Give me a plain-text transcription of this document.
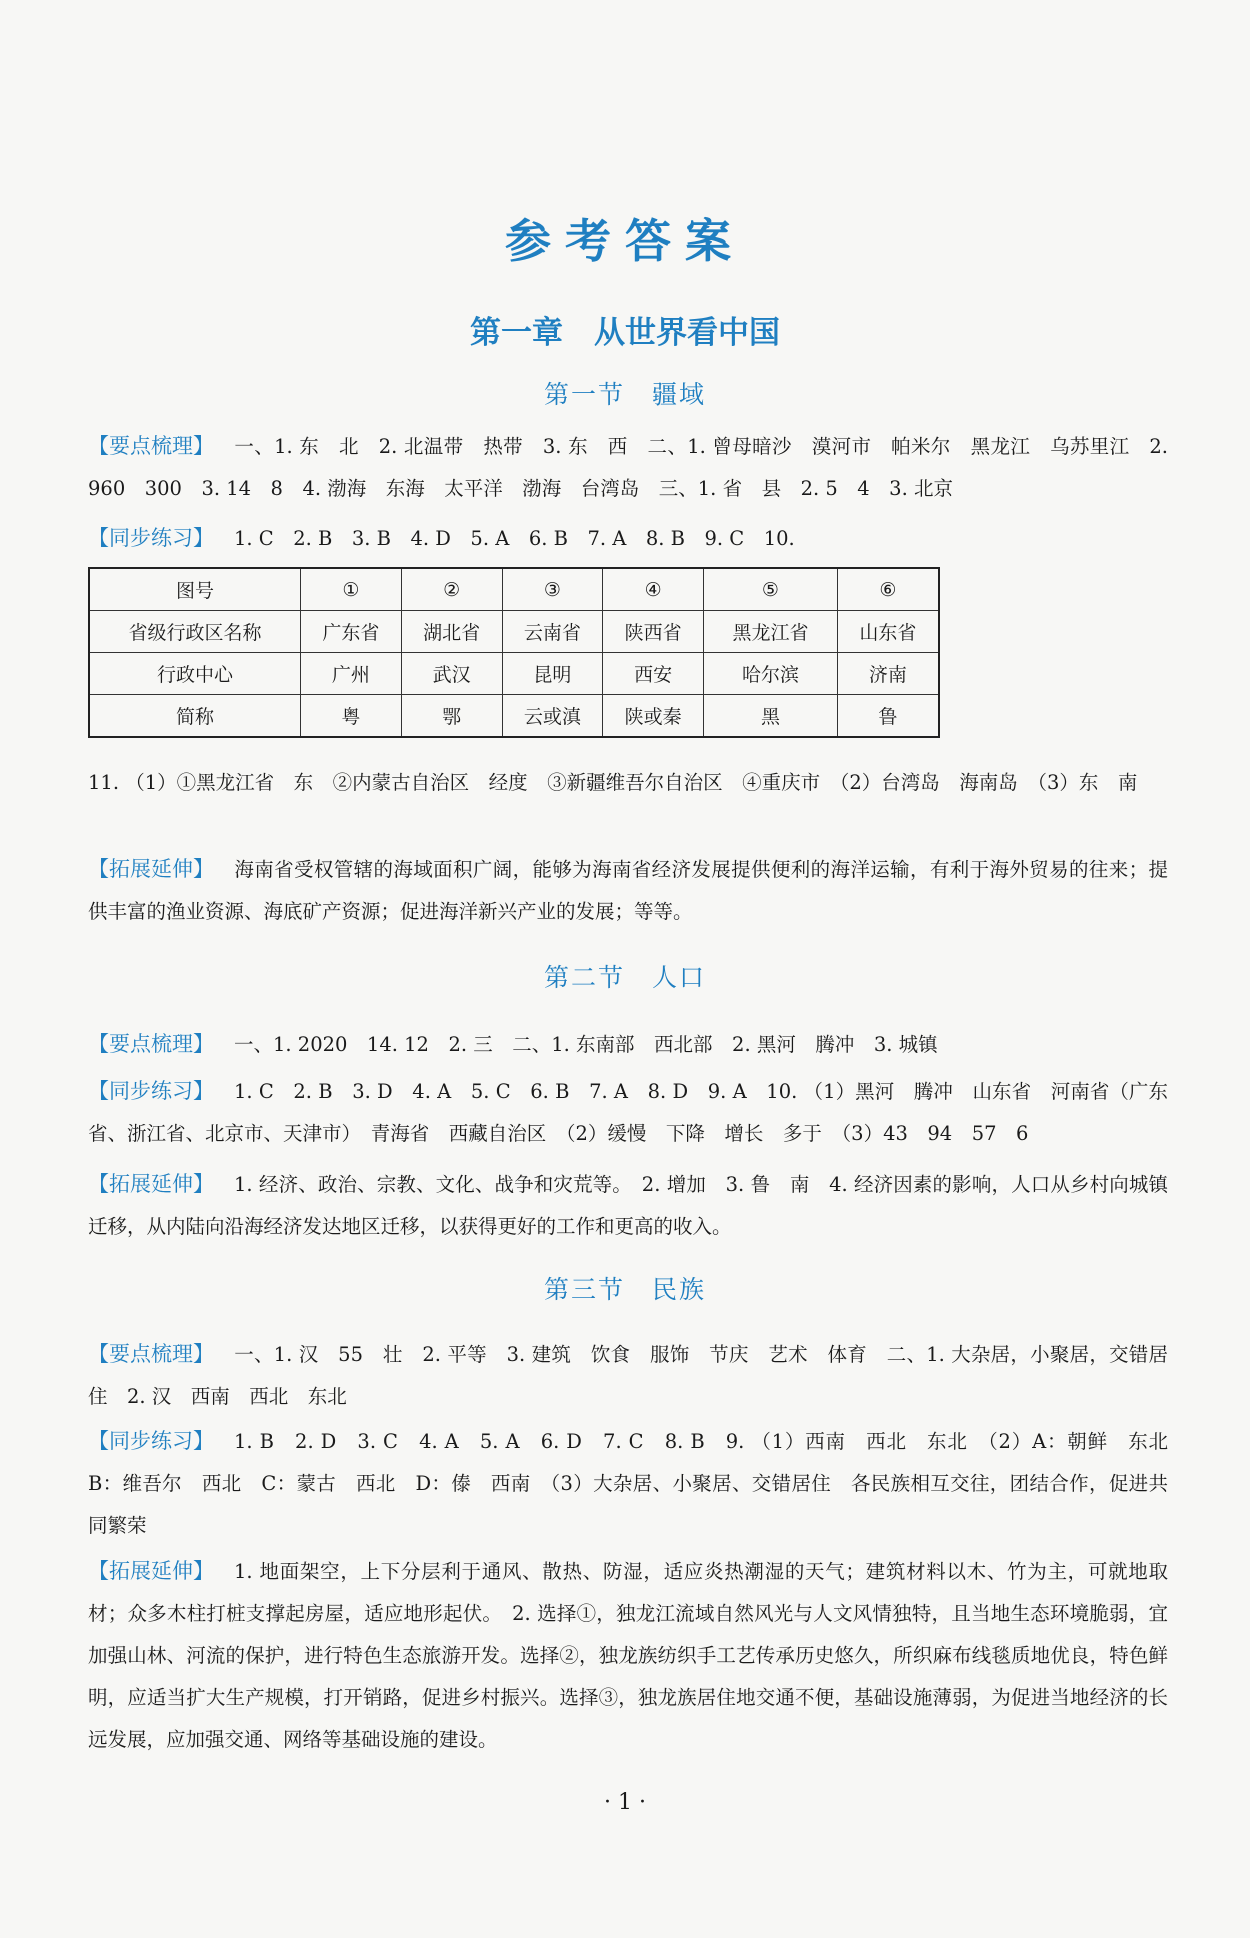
参考答案
第一章　从世界看中国
第一节　疆域
【要点梳理】 一、1. 东　北　2. 北温带　热带　3. 东　西　二、1. 曾母暗沙　漠河市　帕米尔　黑龙江　乌苏里江　2. 960　300　3. 14　8　4. 渤海　东海　太平洋　渤海　台湾岛　三、1. 省　县　2. 5　4　3. 北京
【同步练习】 1. C　2. B　3. B　4. D　5. A　6. B　7. A　8. B　9. C　10.
图号	①	②	③	④	⑤	⑥
省级行政区名称	广东省	湖北省	云南省	陕西省	黑龙江省	山东省
行政中心	广州	武汉	昆明	西安	哈尔滨	济南
简称	粤	鄂	云或滇	陕或秦	黑	鲁
11. （1）①黑龙江省　东　②内蒙古自治区　经度　③新疆维吾尔自治区　④重庆市　（2）台湾岛　海南岛　（3）东　南
【拓展延伸】 海南省受权管辖的海域面积广阔，能够为海南省经济发展提供便利的海洋运输，有利于海外贸易的往来；提供丰富的渔业资源、海底矿产资源；促进海洋新兴产业的发展；等等。
第二节　人口
【要点梳理】 一、1. 2020　14. 12　2. 三　二、1. 东南部　西北部　2. 黑河　腾冲　3. 城镇
【同步练习】 1. C　2. B　3. D　4. A　5. C　6. B　7. A　8. D　9. A　10. （1）黑河　腾冲　山东省　河南省（广东省、浙江省、北京市、天津市）　青海省　西藏自治区　（2）缓慢　下降　增长　多于　（3）43　94　57　6
【拓展延伸】 1. 经济、政治、宗教、文化、战争和灾荒等。　2. 增加　3. 鲁　南　4. 经济因素的影响，人口从乡村向城镇迁移，从内陆向沿海经济发达地区迁移，以获得更好的工作和更高的收入。
第三节　民族
【要点梳理】 一、1. 汉　55　壮　2. 平等　3. 建筑　饮食　服饰　节庆　艺术　体育　二、1. 大杂居，小聚居，交错居住　2. 汉　西南　西北　东北
【同步练习】 1. B　2. D　3. C　4. A　5. A　6. D　7. C　8. B　9. （1）西南　西北　东北　（2）A：朝鲜　东北　B：维吾尔　西北　C：蒙古　西北　D：傣　西南　（3）大杂居、小聚居、交错居住　各民族相互交往，团结合作，促进共同繁荣
【拓展延伸】 1. 地面架空，上下分层利于通风、散热、防湿，适应炎热潮湿的天气；建筑材料以木、竹为主，可就地取材；众多木柱打桩支撑起房屋，适应地形起伏。　2. 选择①，独龙江流域自然风光与人文风情独特，且当地生态环境脆弱，宜加强山林、河流的保护，进行特色生态旅游开发。选择②，独龙族纺织手工艺传承历史悠久，所织麻布线毯质地优良，特色鲜明，应适当扩大生产规模，打开销路，促进乡村振兴。选择③，独龙族居住地交通不便，基础设施薄弱，为促进当地经济的长远发展，应加强交通、网络等基础设施的建设。
· 1 ·
